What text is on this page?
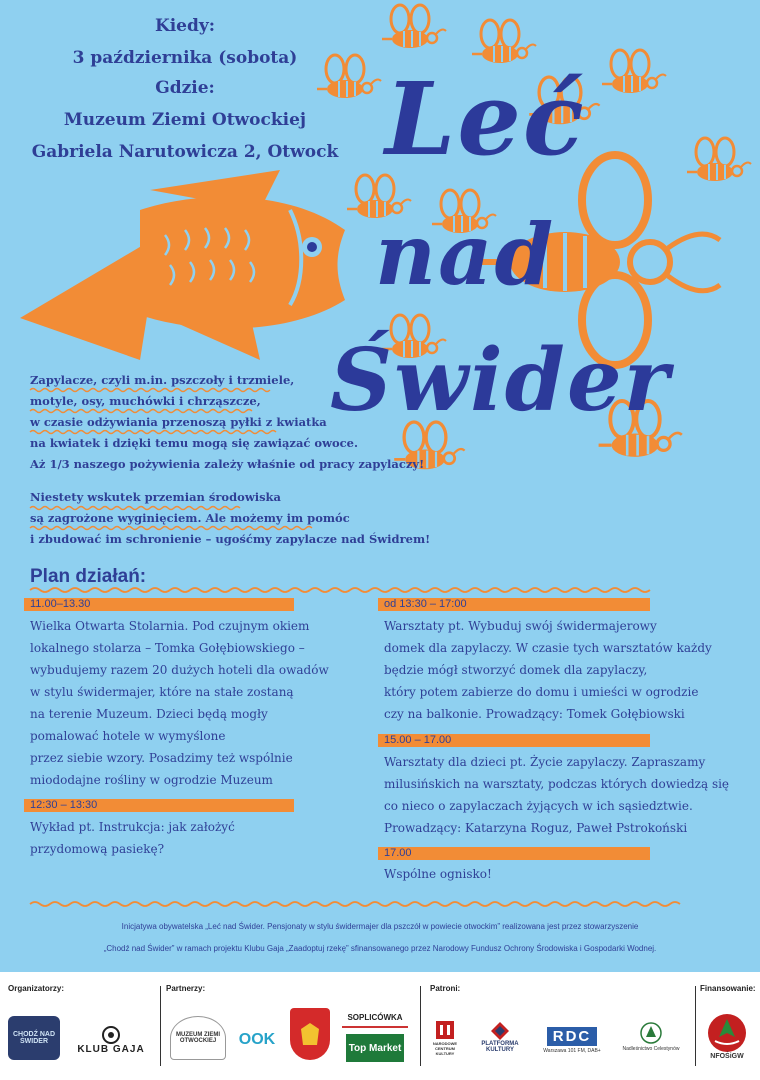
Kiedy:
3 października (sobota)
Gdzie:
Muzeum Ziemi Otwockiej
Gabriela Narutowicza 2, Otwock Leć
nad
Świder

Zapylacze, czyli m.in. pszczoły i trzmiele,

motyle, osy, muchówki i chrząszcze,

w czasie odżywiania przenoszą pyłki z kwiatka

na kwiatek i dzięki temu mogą się zawiązać owoce.

Aż 1/3 naszego pożywienia zależy właśnie od pracy zapylaczy!

Niestety wskutek przemian środowiska

są zagrożone wyginięciem. Ale możemy im pomóc

i zbudować im schronienie – ugośćmy zapylacze nad Świdrem!

Plan działań:
11.00–13.30
Wielka Otwarta Stolarnia. Pod czujnym okiem
lokalnego stolarza – Tomka Gołębiowskiego –
wybudujemy razem 20 dużych hoteli dla owadów
w stylu świdermajer, które na stałe zostaną
na terenie Muzeum. Dzieci będą mogły
pomalować hotele w wymyślone
przez siebie wzory. Posadzimy też wspólnie
miododajne rośliny w ogrodzie Muzeum
12:30 – 13:30
Wykład pt. Instrukcja: jak założyć
przydomową pasiekę?
od 13:30 – 17:00
Warsztaty pt. Wybuduj swój świdermajerowy
domek dla zapylaczy. W czasie tych warsztatów każdy
będzie mógł stworzyć domek dla zapylaczy,
który potem zabierze do domu i umieści w ogrodzie
czy na balkonie. Prowadzący: Tomek Gołębiowski
15.00 – 17.00
Warsztaty dla dzieci pt. Życie zapylaczy. Zapraszamy
milusińskich na warsztaty, podczas których dowiedzą się
co nieco o zapylaczach żyjących w ich sąsiedztwie.
Prowadzący: Katarzyna Roguz, Paweł Pstrokoński
17.00
Wspólne ognisko!
Inicjatywa obywatelska „Leć nad Świder. Pensjonaty w stylu świdermajer dla pszczół w powiecie otwockim” realizowana jest przez stowarzyszenie
„Chodź nad Świder” w ramach projektu Klubu Gaja „Zaadoptuj rzekę” sfinansowanego przez Narodowy Fundusz Ochrony Środowiska i Gospodarki Wodnej.
Organizatorzy:	Partnerzy:	Patroni:	Finansowanie:
CHODŹ NAD ŚWIDER
KLUB GAJA
MUZEUM ZIEMI OTWOCKIEJ	OOK
SOPLICÓWKA
Top Market	NARODOWE CENTRUM KULTURY
PLATFORMA KULTURY
RDC
Warszawa 101 FM, DAB+	Nadleśnictwo Celestynów
NFOŚiGW
